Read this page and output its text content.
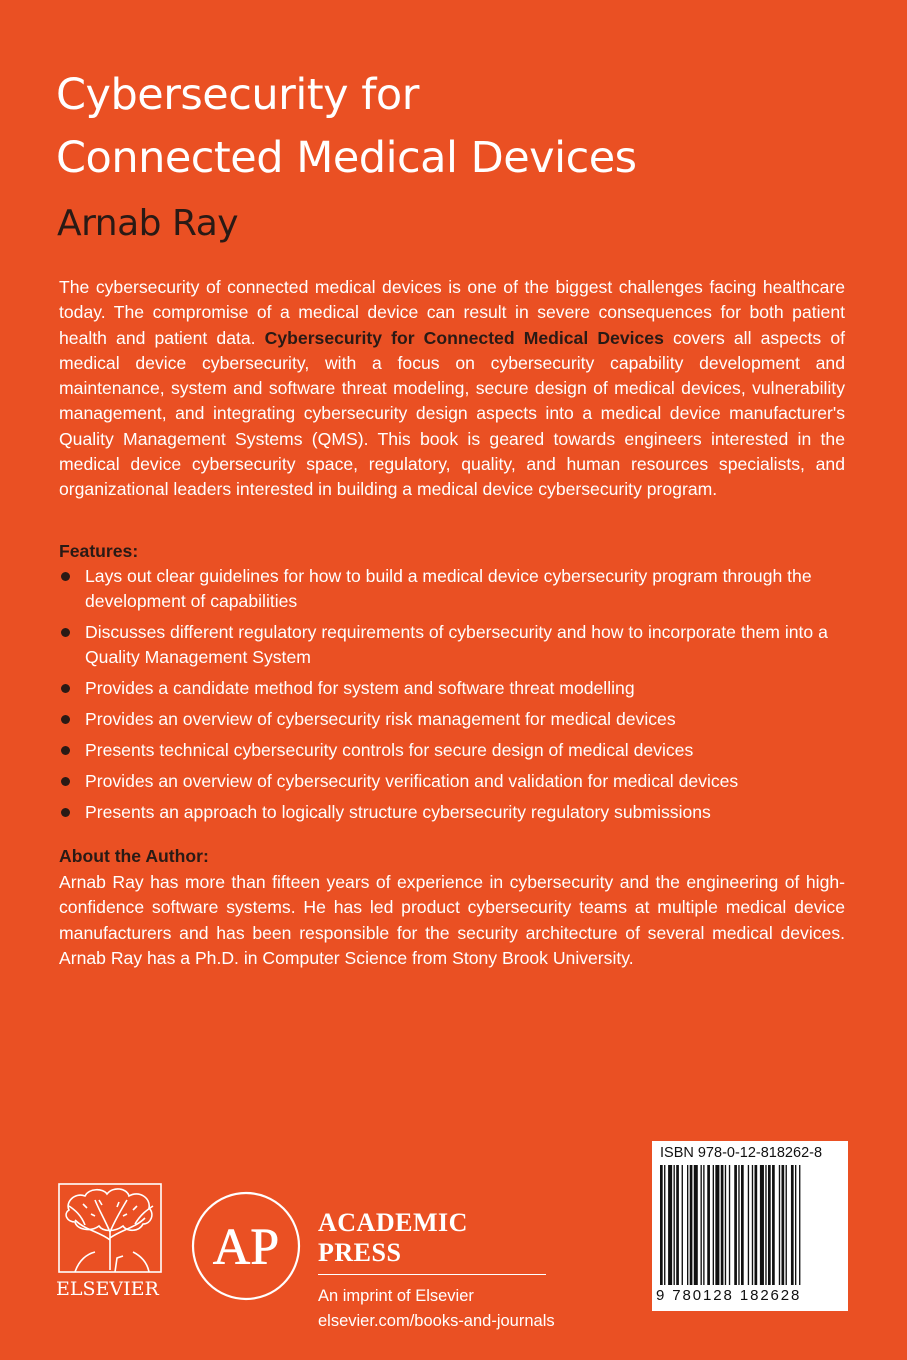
Cybersecurity for
Connected Medical Devices
Arnab Ray

The cybersecurity of connected medical devices is one of the biggest challenges facing healthcare today. The compromise of a medical device can result in severe consequences for both patient health and patient data. Cybersecurity for Connected Medical Devices covers all aspects of medical device cybersecurity, with a focus on cybersecurity capability development and maintenance, system and software threat modeling, secure design of medical devices, vulnerability management, and integrating cybersecurity design aspects into a medical device manufacturer's Quality Management Systems (QMS). This book is geared towards engineers interested in the medical device cybersecurity space, regulatory, quality, and human resources specialists, and organizational leaders interested in building a medical device cybersecurity program.

Features:
Lays out clear guidelines for how to build a medical device cybersecurity program through the development of capabilities
Discusses different regulatory requirements of cybersecurity and how to incorporate them into a Quality Management System
Provides a candidate method for system and software threat modelling
Provides an overview of cybersecurity risk management for medical devices
Presents technical cybersecurity controls for secure design of medical devices
Provides an overview of cybersecurity verification and validation for medical devices
Presents an approach to logically structure cybersecurity regulatory submissions
About the Author:

Arnab Ray has more than fifteen years of experience in cybersecurity and the engineering of high-confidence software systems. He has led product cybersecurity teams at multiple medical device manufacturers and has been responsible for the security architecture of several medical devices. Arnab Ray has a Ph.D. in Computer Science from Stony Brook University.

ELSEVIER
AP ACADEMIC PRESS
An imprint of Elsevier
elsevier.com/books-and-journals
ISBN 978-0-12-818262-8
9 780128 182628
